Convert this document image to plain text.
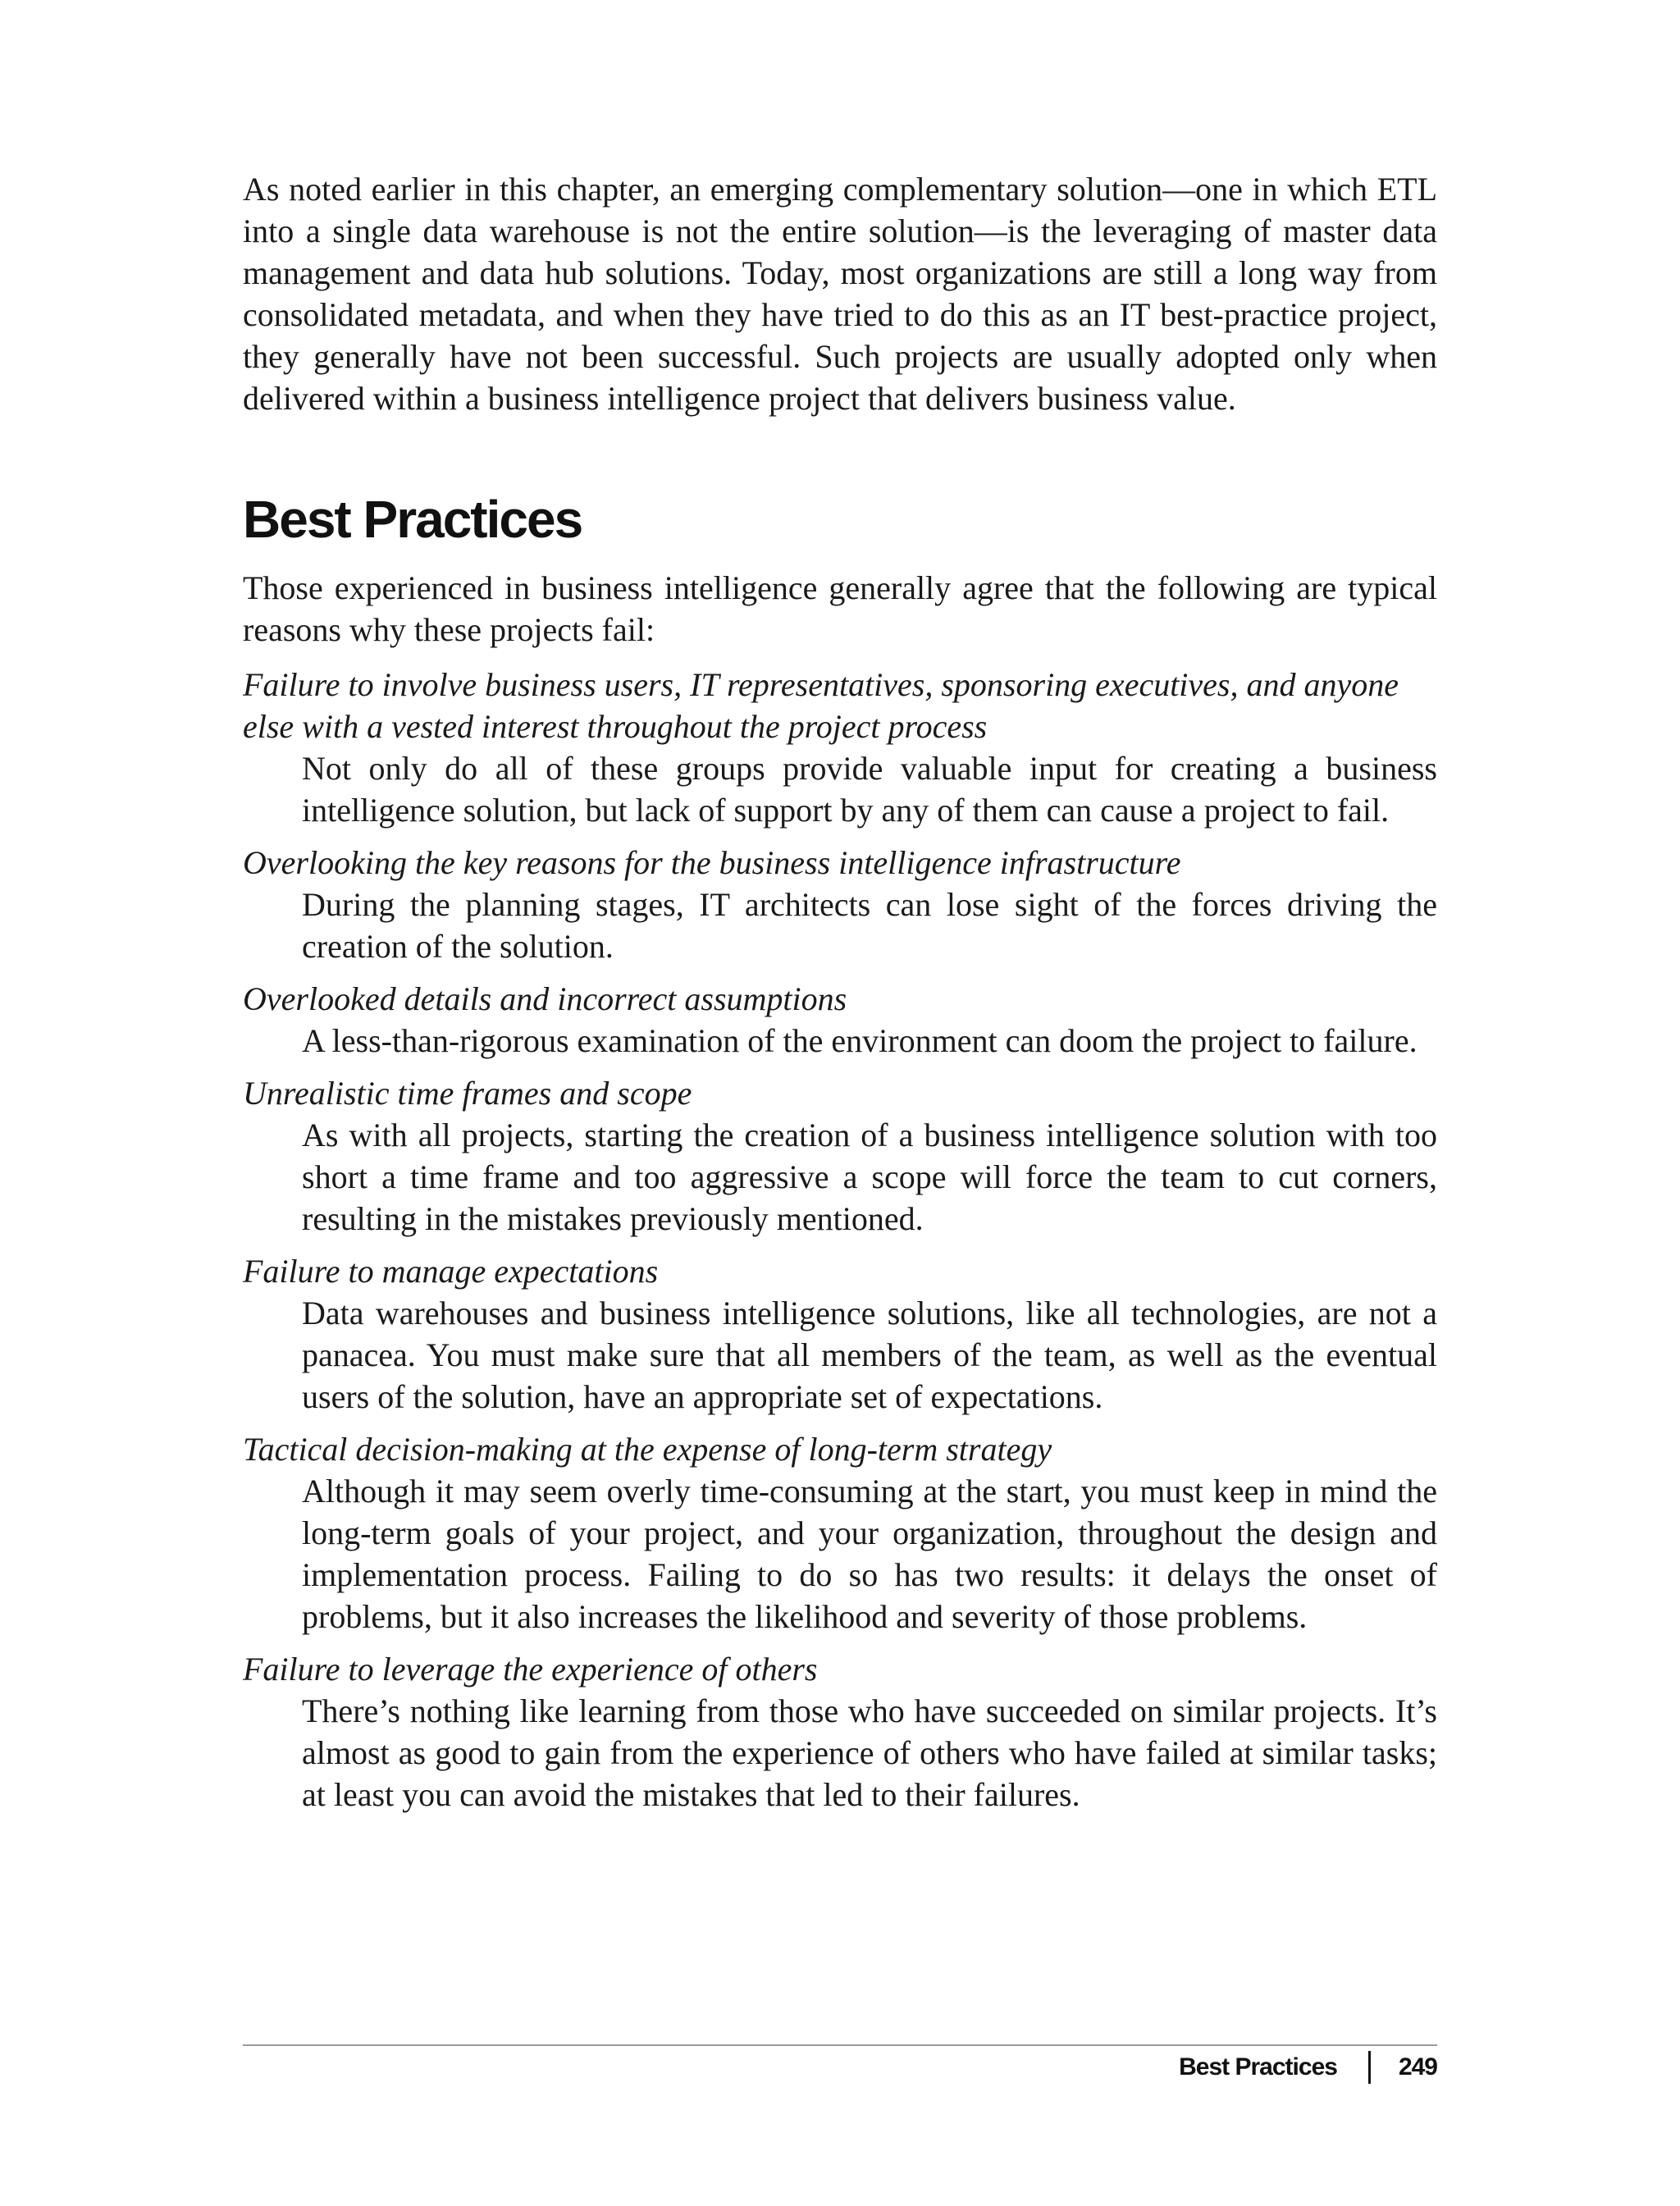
As noted earlier in this chapter, an emerging complementary solution—one in which ETL into a single data warehouse is not the entire solution—is the leveraging of master data management and data hub solutions. Today, most organizations are still a long way from consolidated metadata, and when they have tried to do this as an IT best-practice project, they generally have not been successful. Such projects are usually adopted only when delivered within a business intelligence project that delivers business value.

Best Practices

Those experienced in business intelligence generally agree that the following are typical reasons why these projects fail:

Failure to involve business users, IT representatives, sponsoring executives, and anyone else with a vested interest throughout the project process

Not only do all of these groups provide valuable input for creating a business intelligence solution, but lack of support by any of them can cause a project to fail.

Overlooking the key reasons for the business intelligence infrastructure

During the planning stages, IT architects can lose sight of the forces driving the creation of the solution.

Overlooked details and incorrect assumptions

A less-than-rigorous examination of the environment can doom the project to failure.

Unrealistic time frames and scope

As with all projects, starting the creation of a business intelligence solution with too short a time frame and too aggressive a scope will force the team to cut corners, resulting in the mistakes previously mentioned.

Failure to manage expectations

Data warehouses and business intelligence solutions, like all technologies, are not a panacea. You must make sure that all members of the team, as well as the eventual users of the solution, have an appropriate set of expectations.

Tactical decision-making at the expense of long-term strategy

Although it may seem overly time-consuming at the start, you must keep in mind the long-term goals of your project, and your organization, throughout the design and implementation process. Failing to do so has two results: it delays the onset of problems, but it also increases the likelihood and severity of those problems.

Failure to leverage the experience of others

There’s nothing like learning from those who have succeeded on similar projects. It’s almost as good to gain from the experience of others who have failed at similar tasks; at least you can avoid the mistakes that led to their failures.

Best Practices	249
